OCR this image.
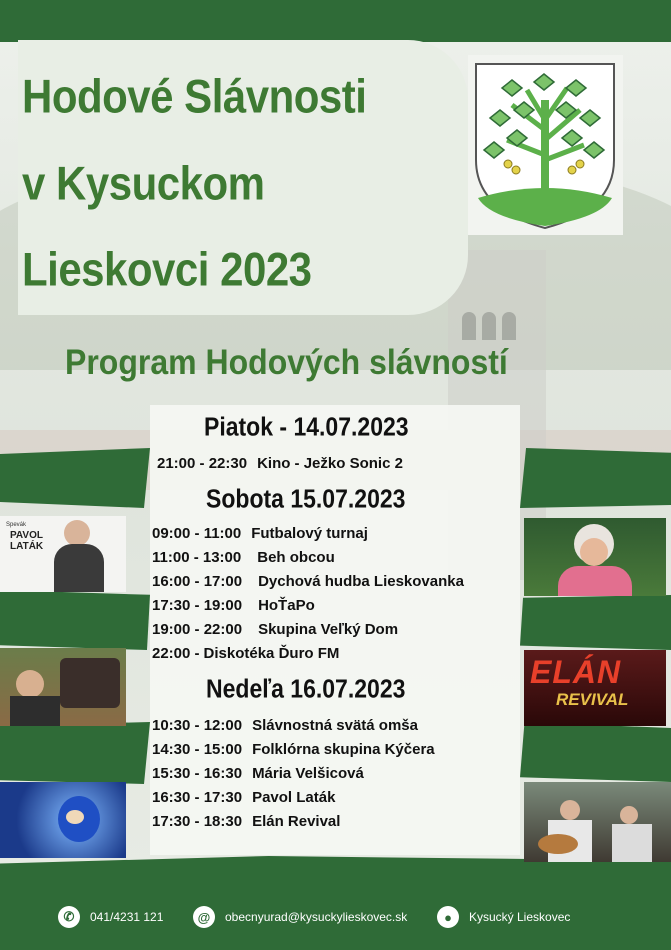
Hodové Slávnosti
v Kysuckom
Lieskovci 2023
Program Hodových slávností
Piatok - 14.07.2023
21:00 - 22:30 Kino - Ježko Sonic 2
Sobota 15.07.2023
09:00 - 11:00 Futbalový turnaj
11:00 - 13:00 Beh obcou
16:00 - 17:00 Dychová hudba Lieskovanka
17:30 - 19:00 HoŤaPo
19:00 - 22:00 Skupina Veľký Dom
22:00 - Diskotéka Ďuro FM
Nedeľa 16.07.2023
10:30 - 12:00 Slávnostná svätá omša
14:30 - 15:00 Folklórna skupina Kýčera
15:30 - 16:30 Mária Velšicová
16:30 - 17:30 Pavol Laták
17:30 - 18:30 Elán Revival
Spevák
PAVOL
LATÁK
ELÁN
REVIVAL
✆	041/4231 121	@	obecnyurad@kysuckylieskovec.sk	●	Kysucký Lieskovec
